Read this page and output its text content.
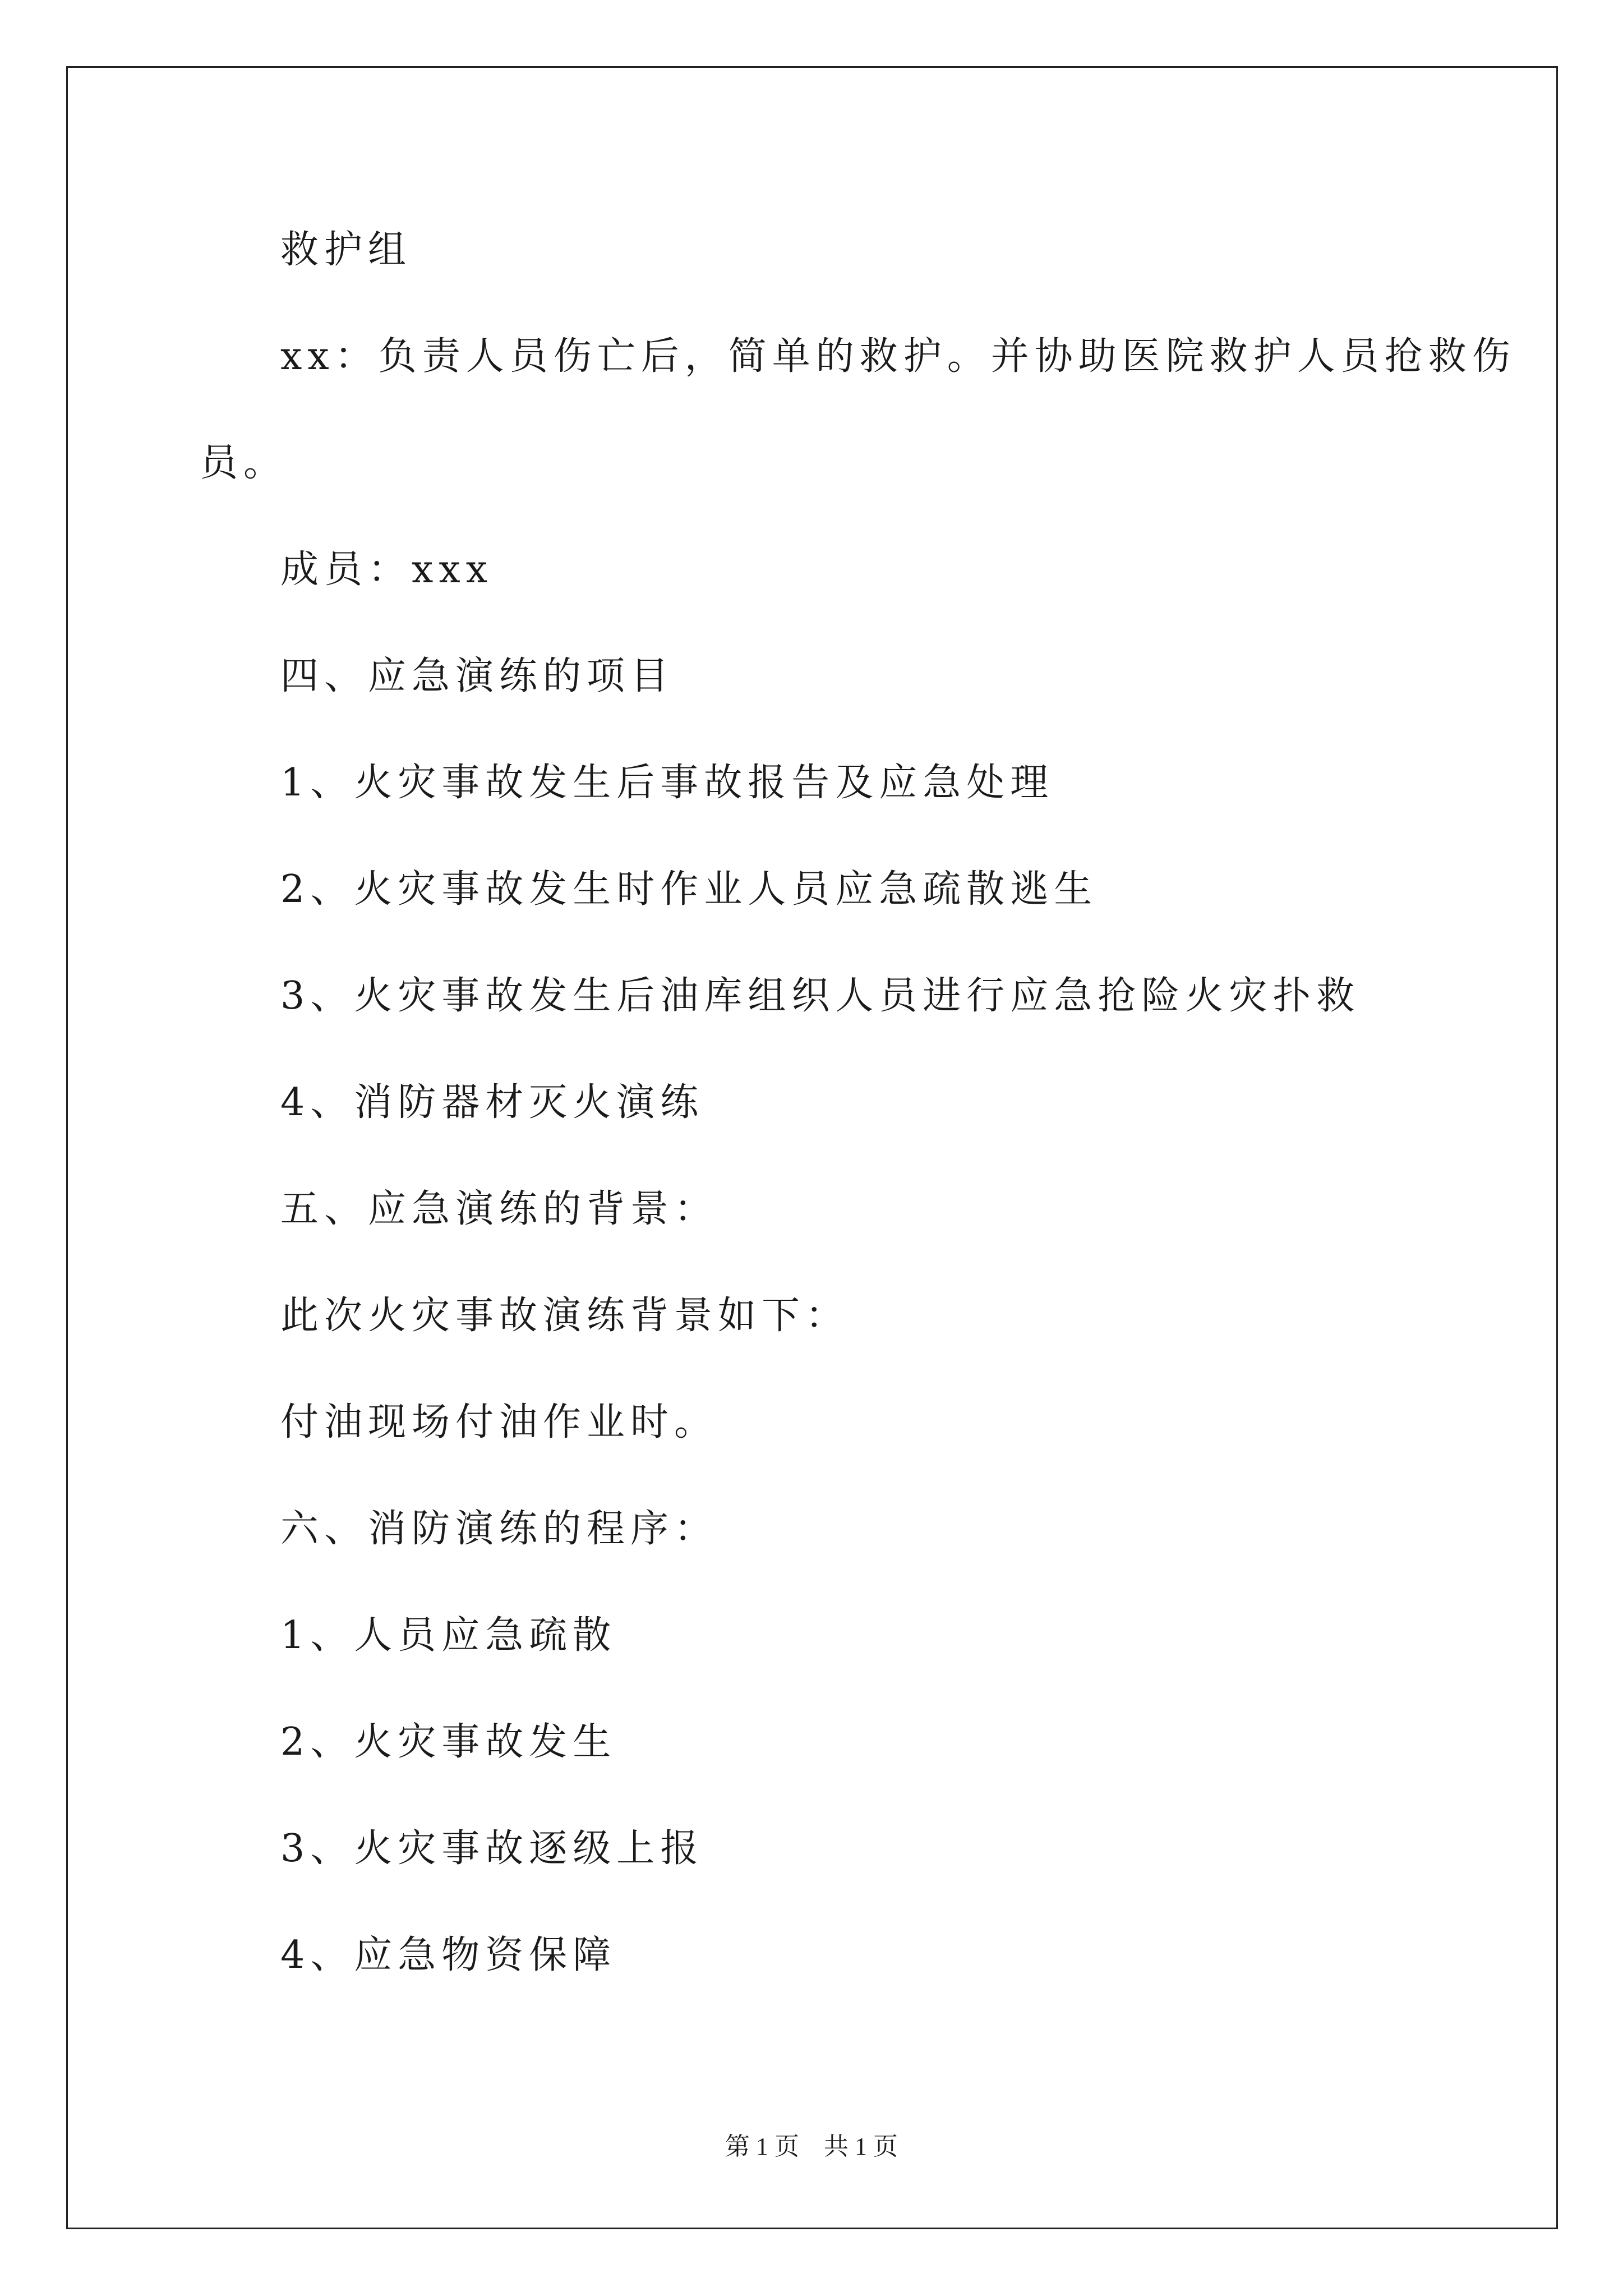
救护组
xx：负责人员伤亡后，简单的救护。并协助医院救护人员抢救伤
员。
成员：xxx
四、应急演练的项目
1、火灾事故发生后事故报告及应急处理
2、火灾事故发生时作业人员应急疏散逃生
3、火灾事故发生后油库组织人员进行应急抢险火灾扑救
4、消防器材灭火演练
五、应急演练的背景：
此次火灾事故演练背景如下：
付油现场付油作业时。
六、消防演练的程序：
1、人员应急疏散
2、火灾事故发生
3、火灾事故逐级上报
4、应急物资保障
第 1 页　共 1 页
